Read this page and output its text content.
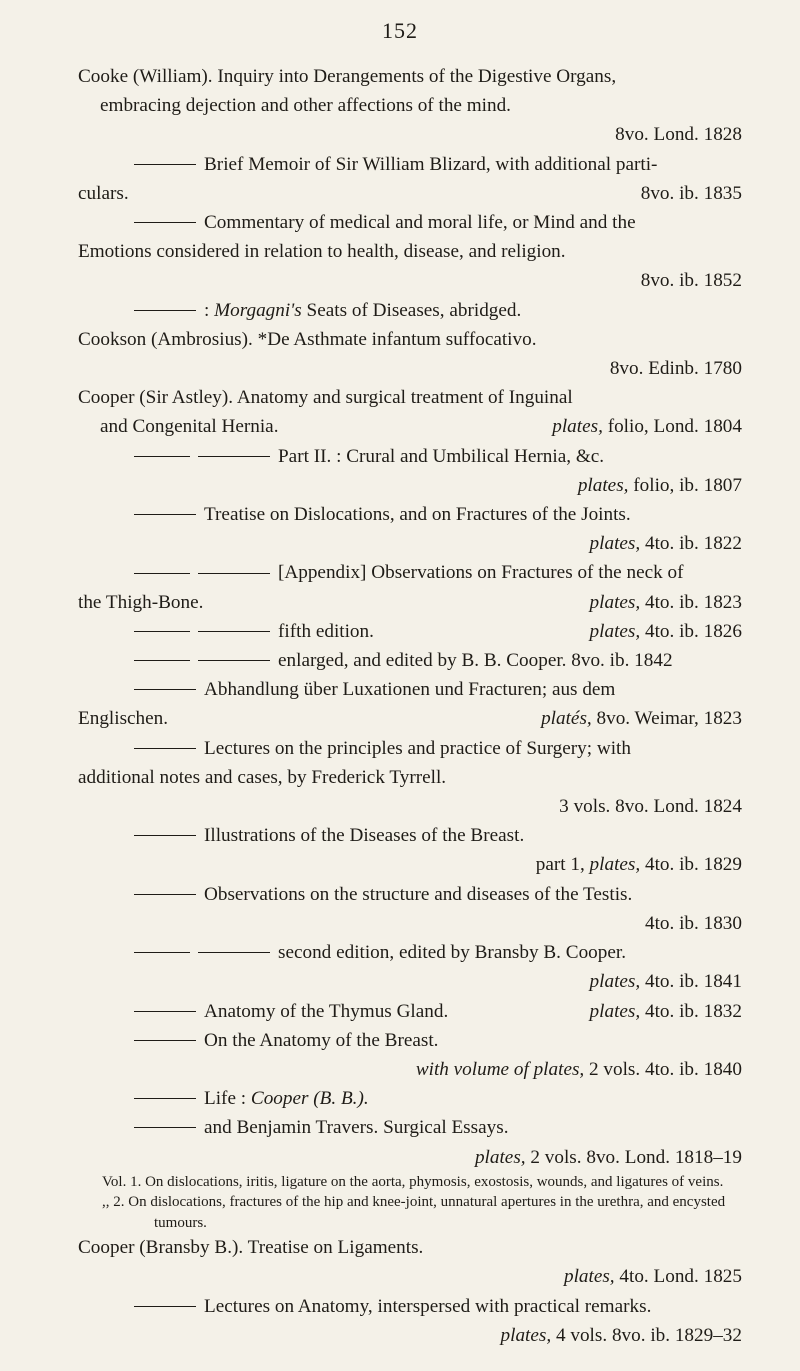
152
Cooke (William). Inquiry into Derangements of the Digestive Organs,
embracing dejection and other affections of the mind.
8vo. Lond. 1828
Brief Memoir of Sir William Blizard, with additional parti-
culars.	8vo. ib. 1835
Commentary of medical and moral life, or Mind and the
Emotions considered in relation to health, disease, and religion.
8vo. ib. 1852
: Morgagni's Seats of Diseases, abridged.
Cookson (Ambrosius). *De Asthmate infantum suffocativo.
8vo. Edinb. 1780
Cooper (Sir Astley). Anatomy and surgical treatment of Inguinal
and Congenital Hernia.	plates, folio, Lond. 1804
Part II. : Crural and Umbilical Hernia, &c.
plates, folio, ib. 1807
Treatise on Dislocations, and on Fractures of the Joints.
plates, 4to. ib. 1822
[Appendix] Observations on Fractures of the neck of
the Thigh-Bone.	plates, 4to. ib. 1823
fifth edition.	plates, 4to. ib. 1826
enlarged, and edited by B. B. Cooper. 8vo. ib. 1842
Abhandlung über Luxationen und Fracturen; aus dem
Englischen.	platés, 8vo. Weimar, 1823
Lectures on the principles and practice of Surgery; with
additional notes and cases, by Frederick Tyrrell.
3 vols. 8vo. Lond. 1824
Illustrations of the Diseases of the Breast.
part 1, plates, 4to. ib. 1829
Observations on the structure and diseases of the Testis.
4to. ib. 1830
second edition, edited by Bransby B. Cooper.
plates, 4to. ib. 1841
Anatomy of the Thymus Gland.	plates, 4to. ib. 1832
On the Anatomy of the Breast.
with volume of plates, 2 vols. 4to. ib. 1840
Life : Cooper (B. B.).
and Benjamin Travers. Surgical Essays.
plates, 2 vols. 8vo. Lond. 1818–19
Vol. 1. On dislocations, iritis, ligature on the aorta, phymosis, exostosis, wounds, and ligatures of veins.
,, 2. On dislocations, fractures of the hip and knee-joint, unnatural apertures in the urethra, and encysted tumours.
Cooper (Bransby B.). Treatise on Ligaments.
plates, 4to. Lond. 1825
Lectures on Anatomy, interspersed with practical remarks.
plates, 4 vols. 8vo. ib. 1829–32
